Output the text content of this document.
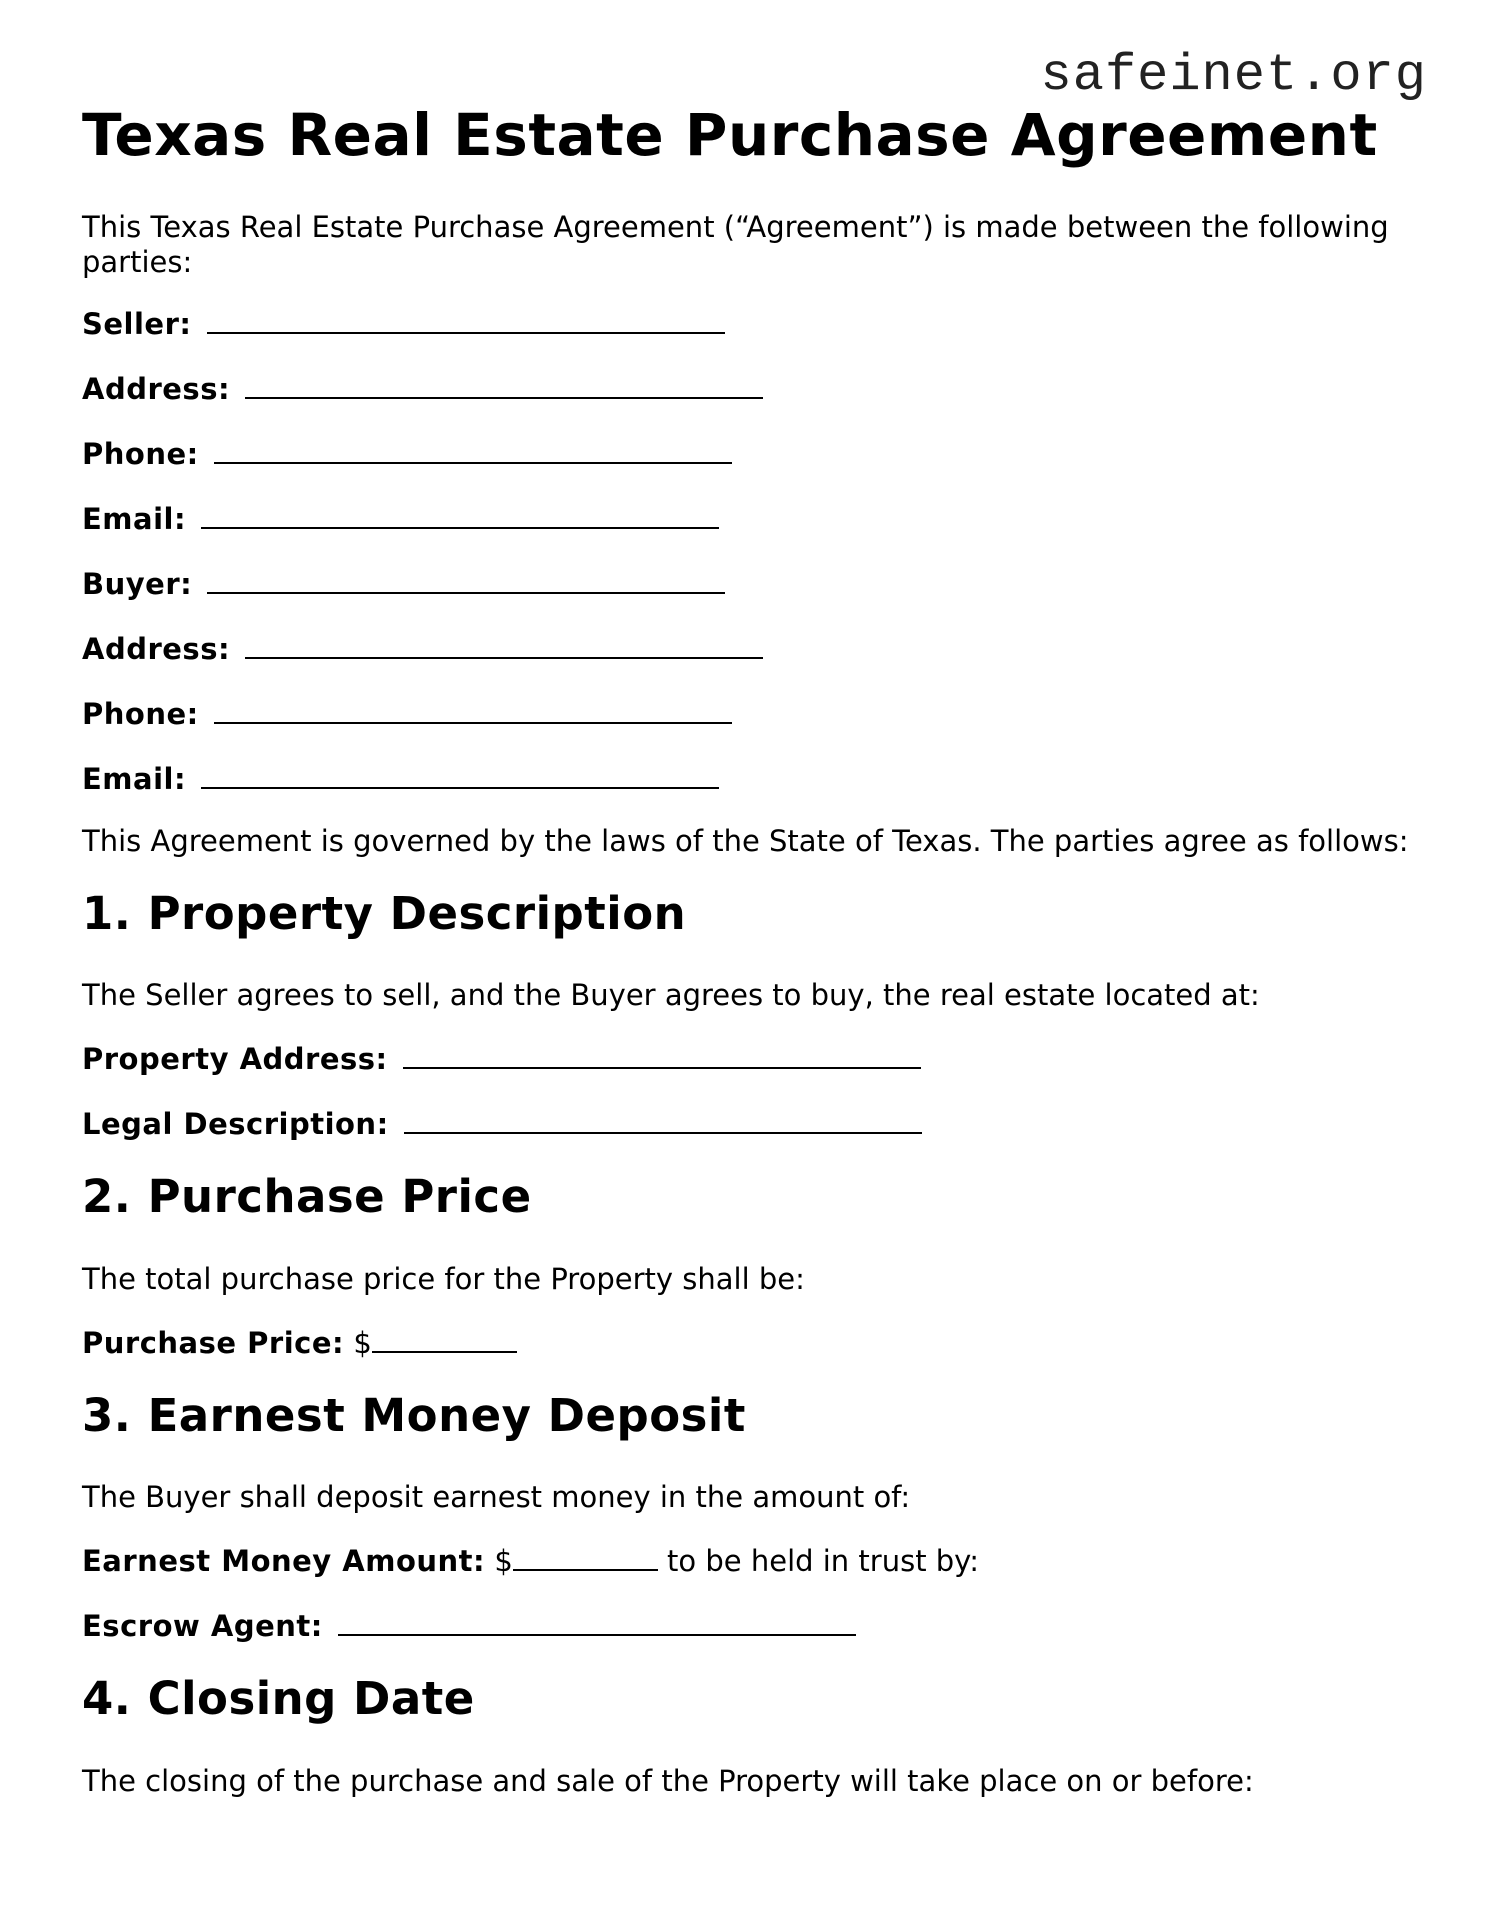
safeinet.org
Texas Real Estate Purchase Agreement

This Texas Real Estate Purchase Agreement (“Agreement”) is made between the following parties:

Seller:
Address:
Phone:
Email:
Buyer:
Address:
Phone:
Email:

This Agreement is governed by the laws of the State of Texas. The parties agree as follows:

1. Property Description

The Seller agrees to sell, and the Buyer agrees to buy, the real estate located at:

Property Address:
Legal Description:
2. Purchase Price

The total purchase price for the Property shall be:

Purchase Price: $
3. Earnest Money Deposit

The Buyer shall deposit earnest money in the amount of:

Earnest Money Amount: $	to be held in trust by:
Escrow Agent:
4. Closing Date

The closing of the purchase and sale of the Property will take place on or before:
